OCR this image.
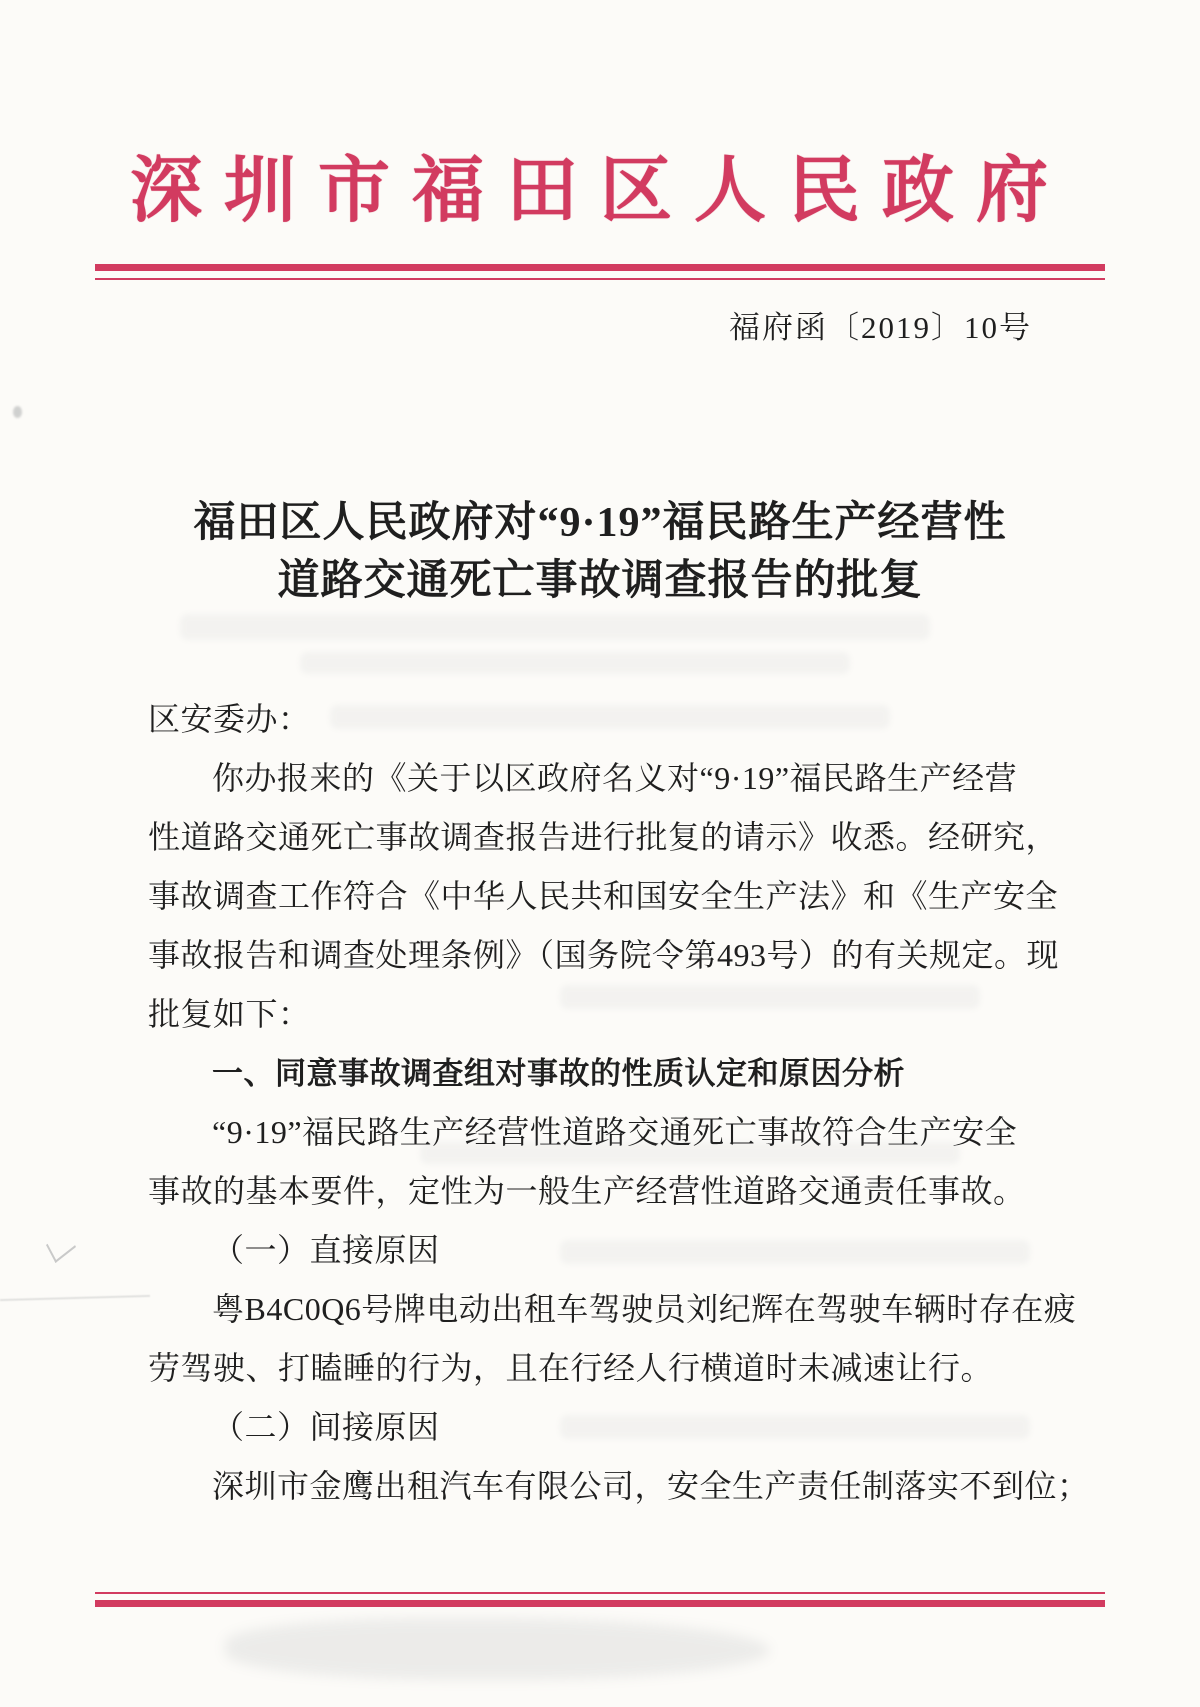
深圳市福田区人民政府
福府函〔2019〕10号
福田区人民政府对“9·19”福民路生产经营性
道路交通死亡事故调查报告的批复
区安委办：
你办报来的《关于以区政府名义对“9·19”福民路生产经营
性道路交通死亡事故调查报告进行批复的请示》收悉。经研究，
事故调查工作符合《中华人民共和国安全生产法》和《生产安全
事故报告和调查处理条例》（国务院令第493号）的有关规定。现
批复如下：
一、同意事故调查组对事故的性质认定和原因分析
“9·19”福民路生产经营性道路交通死亡事故符合生产安全
事故的基本要件，定性为一般生产经营性道路交通责任事故。
（一）直接原因
粤B4C0Q6号牌电动出租车驾驶员刘纪辉在驾驶车辆时存在疲
劳驾驶、打瞌睡的行为，且在行经人行横道时未减速让行。
（二）间接原因
深圳市金鹰出租汽车有限公司，安全生产责任制落实不到位；
